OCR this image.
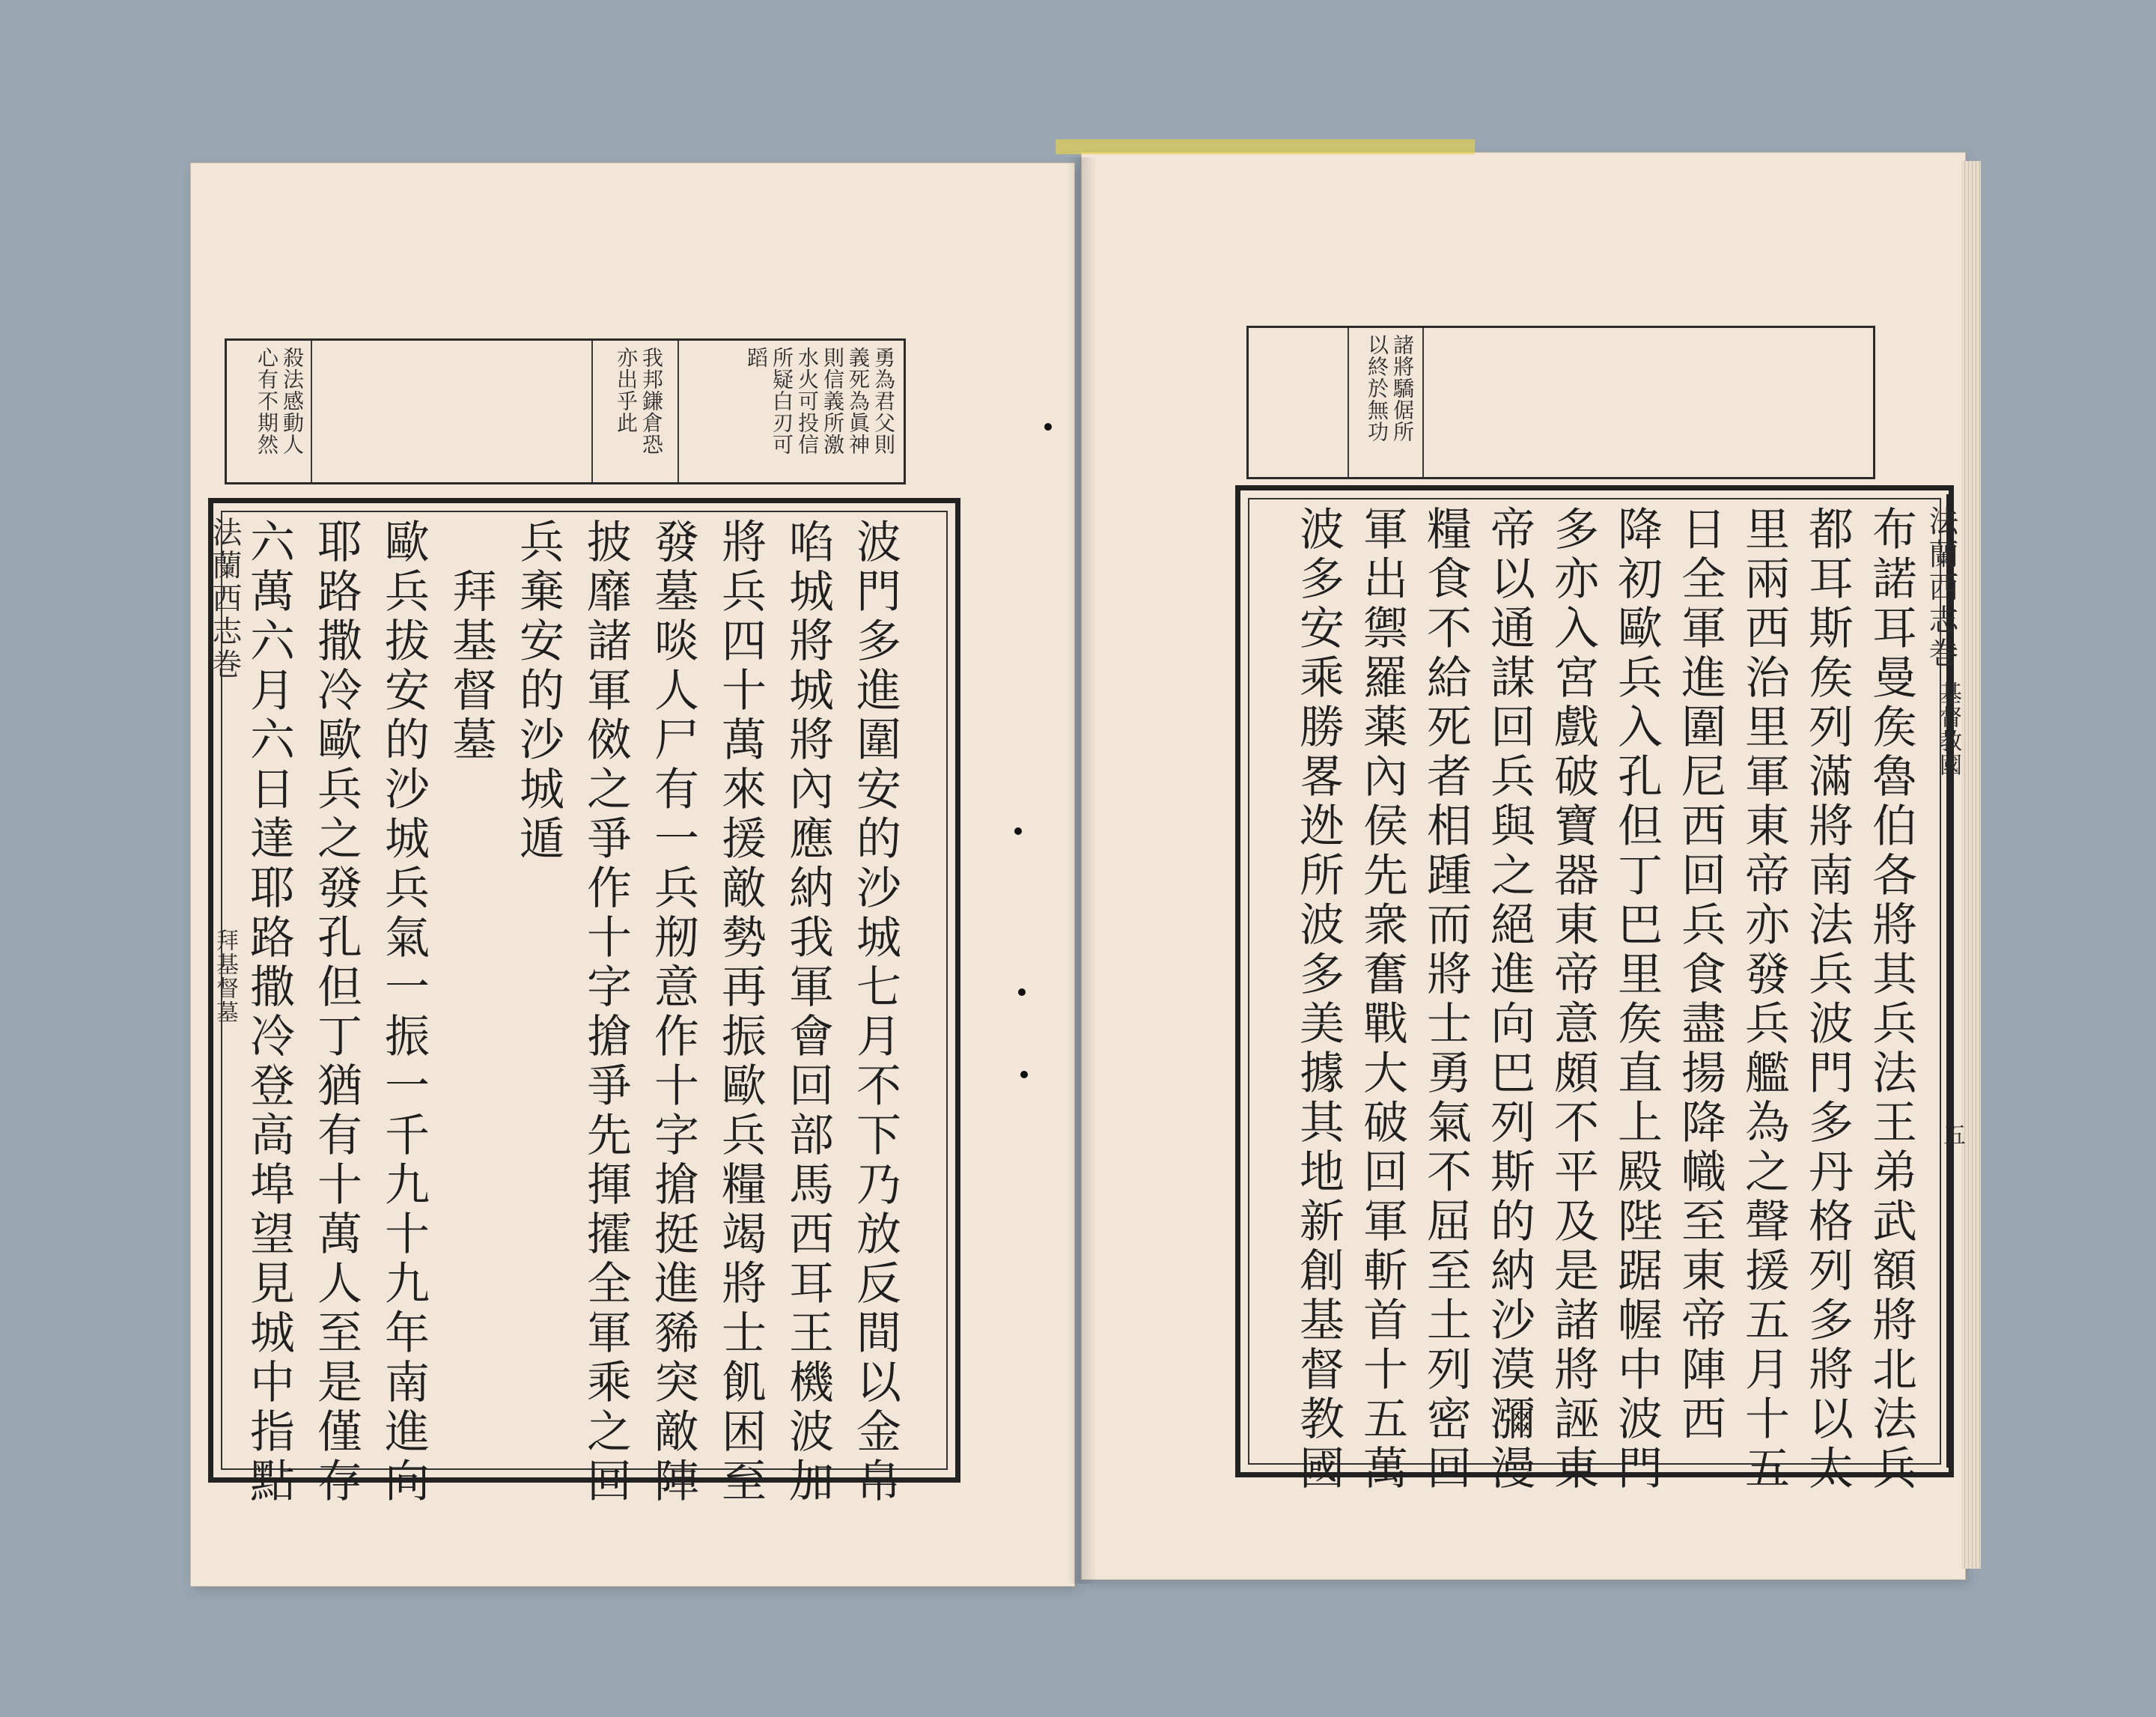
勇為君父則
義死為眞神
則信義所激
水火可投信
所疑白刃可
蹈
我邦鎌倉恐
亦出乎此
殺法感動人
心有不期然	諸將驕倨所
以終於無功
波門多進圍安的沙城七月不下乃放反間以金帛
啗城將城將內應納我軍會回部馬西耳王機波加
將兵四十萬來援敵勢再振歐兵糧竭將士飢困至
發墓啖人尸有一兵剏意作十字搶挺進豨突敵陣
披靡諸軍傚之爭作十字搶爭先揮攉全軍乘之回
兵棄安的沙城遁
　拜基督墓
歐兵拔安的沙城兵氣一振一千九十九年南進向
耶路撒冷歐兵之發孔但丁猶有十萬人至是僅存
六萬六月六日達耶路撒冷登高埠望見城中指點
法蘭西志巻
拜基督墓	布諾耳曼矦魯伯各將其兵法王弟武額將北法兵
都耳斯矦列滿將南法兵波門多丹格列多將以太
里兩西治里軍東帝亦發兵艦為之聲援五月十五
日全軍進圍尼西回兵食盡揚降幟至東帝陣西
降初歐兵入孔但丁巴里矦直上殿陛踞幄中波門
多亦入宮戲破寶器東帝意頗不平及是諸將誣東
帝以通謀回兵與之絕進向巴列斯的納沙漠瀰漫
糧食不給死者相踵而將士勇氣不屈至土列密回
軍出禦羅薬內侯先衆奮戰大破回軍斬首十五萬
波多安乘勝畧迯所波多美據其地新創基督教國	法蘭西志巻
基督教國
五
